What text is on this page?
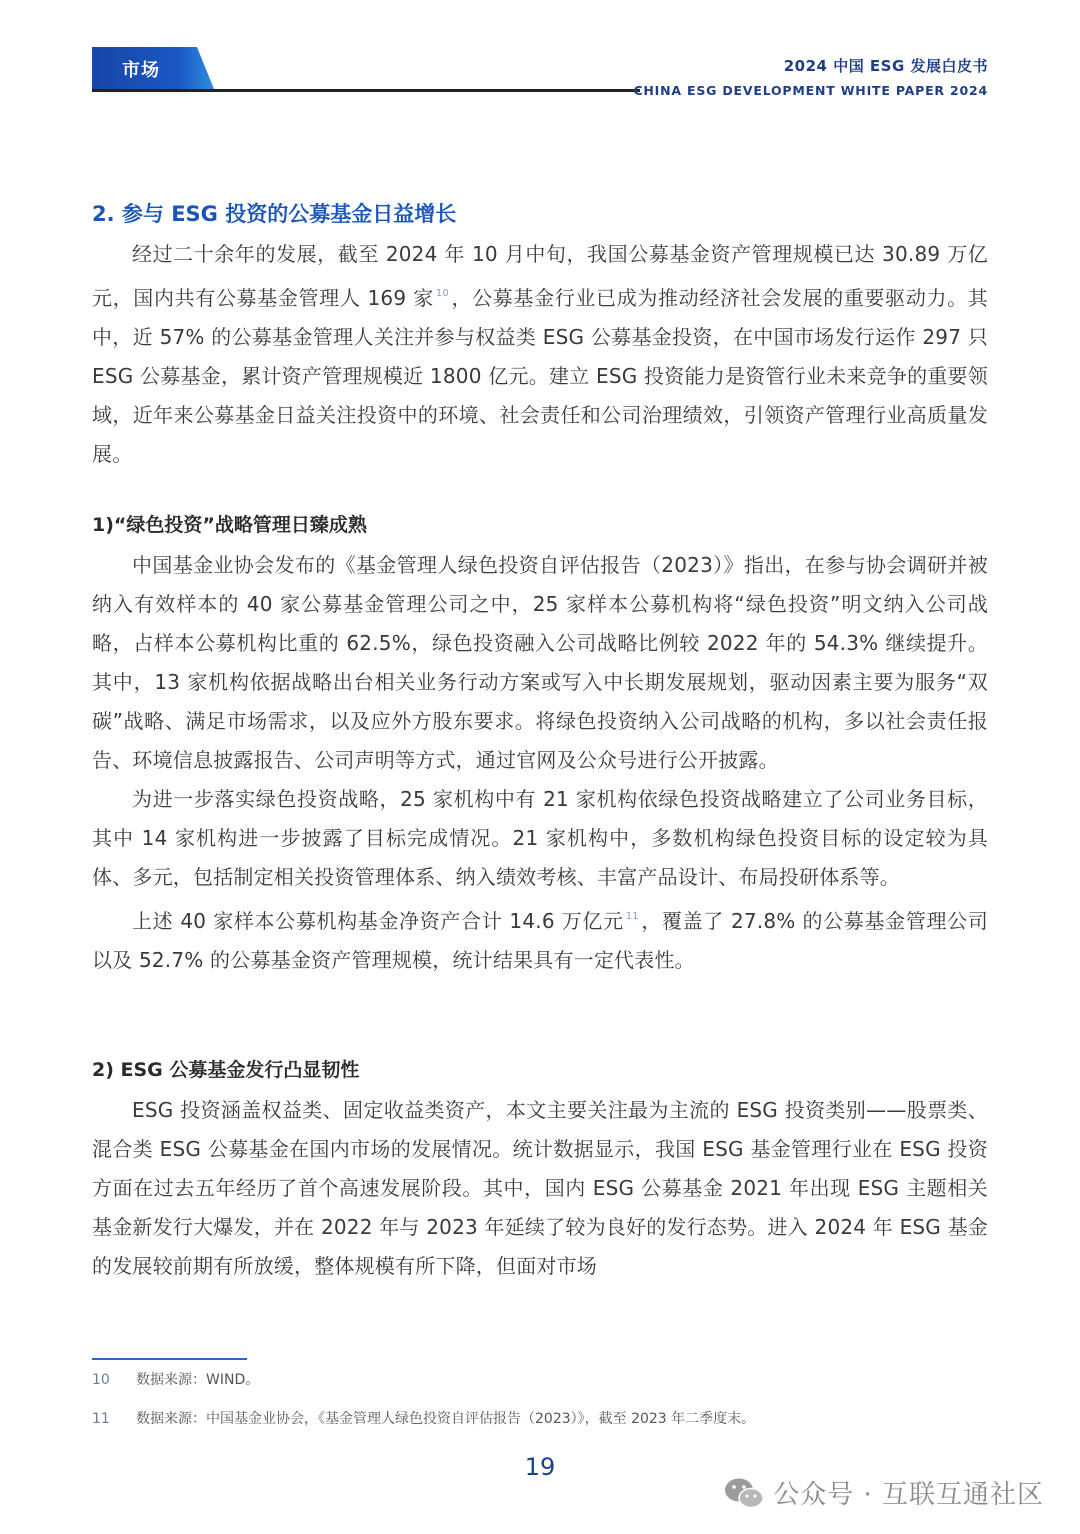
市场	2024 中国 ESG 发展白皮书
CHINA ESG DEVELOPMENT WHITE PAPER 2024
2. 参与 ESG 投资的公募基金日益增长

经过二十余年的发展，截至 2024 年 10 月中旬，我国公募基金资产管理规模已达 30.89 万亿元，国内共有公募基金管理人 169 家 $^{10}$ ，公募基金行业已成为推动经济社会发展的重要驱动力。其中，近 57% 的公募基金管理人关注并参与权益类 ESG 公募基金投资，在中国市场发行运作 297 只 ESG 公募基金，累计资产管理规模近 1800 亿元。建立 ESG 投资能力是资管行业未来竞争的重要领域，近年来公募基金日益关注投资中的环境、社会责任和公司治理绩效，引领资产管理行业高质量发展。

1)“绿色投资”战略管理日臻成熟

中国基金业协会发布的《基金管理人绿色投资自评估报告（2023）》指出，在参与协会调研并被纳入有效样本的 40 家公募基金管理公司之中，25 家样本公募机构将“绿色投资”明文纳入公司战略，占样本公募机构比重的 62.5%，绿色投资融入公司战略比例较 2022 年的 54.3% 继续提升。其中，13 家机构依据战略出台相关业务行动方案或写入中长期发展规划，驱动因素主要为服务“双碳”战略、满足市场需求，以及应外方股东要求。将绿色投资纳入公司战略的机构，多以社会责任报告、环境信息披露报告、公司声明等方式，通过官网及公众号进行公开披露。

为进一步落实绿色投资战略，25 家机构中有 21 家机构依绿色投资战略建立了公司业务目标，其中 14 家机构进一步披露了目标完成情况。21 家机构中，多数机构绿色投资目标的设定较为具体、多元，包括制定相关投资管理体系、纳入绩效考核、丰富产品设计、布局投研体系等。

上述 40 家样本公募机构基金净资产合计 14.6 万亿元 $^{11}$ ，覆盖了 27.8% 的公募基金管理公司以及 52.7% 的公募基金资产管理规模，统计结果具有一定代表性。

2) ESG 公募基金发行凸显韧性

ESG 投资涵盖权益类、固定收益类资产，本文主要关注最为主流的 ESG 投资类别——股票类、混合类 ESG 公募基金在国内市场的发展情况。统计数据显示，我国 ESG 基金管理行业在 ESG 投资方面在过去五年经历了首个高速发展阶段。其中，国内 ESG 公募基金 2021 年出现 ESG 主题相关基金新发行大爆发，并在 2022 年与 2023 年延续了较为良好的发行态势。进入 2024 年 ESG 基金的发展较前期有所放缓，整体规模有所下降，但面对市场

10 数据来源：WIND。
11 数据来源：中国基金业协会，《基金管理人绿色投资自评估报告（2023）》，截至 2023 年二季度末。
19
公众号 · 互联互通社区
